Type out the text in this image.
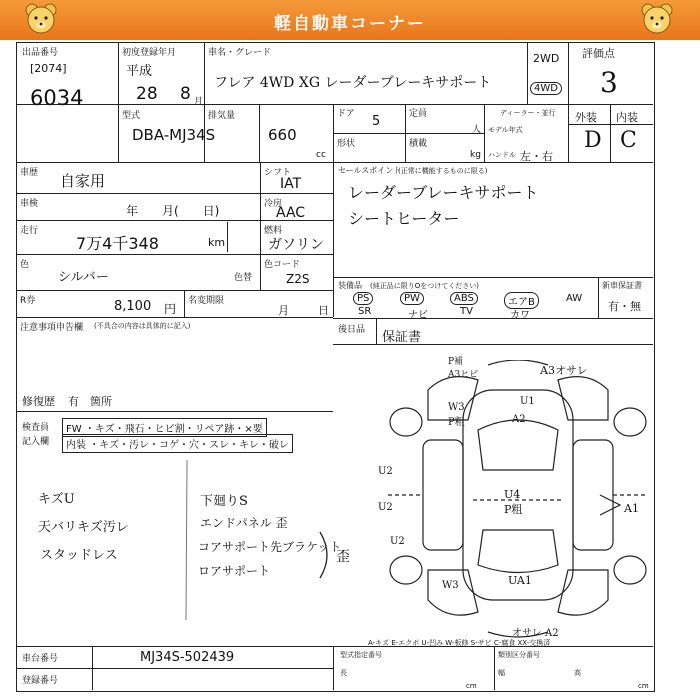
軽自動車コーナー
出品番号
[2074]
6034
初度登録年月
平成
28 8 月
車名・グレード
フレア 4WD XG レーダーブレーキサポート
2WD
4WD
評価点
3
外装 内装
D C
型式
DBA-MJ34S
排気量
660
cc
ドア 5	定員
人
形状	積載
kg
ディーラー・並行
モデル年式
ハンドル 左・右
車歴 自家用	シフト
IAT
車検	年　　月(　　日)	冷房
AAC
走行
7万4千348	km
燃料
ガソリン
色
シルバー	色替
色コード
Z2S
R券	8,100 円
名変期限
月	日
注意事項申告欄 (不具合の内容は具体的に記入)
修復歴 有　箇所
セールスポイント
(正常に機能するものに限る)
レーダーブレーキサポート
シートヒーター
装備品 (純正品に限りOをつけてください)
PS	PW	ABS	エアB	AW
SR	ナビ	TV	カワ
新車保証書
有・無
後日品 保証書
検査員
記入欄
FW ・キズ・飛石・ヒビ割・リペア跡・×要
内装 ・キズ・汚レ・コゲ・穴・スレ・キレ・破レ
キズU
天バリキズ汚レ
スタッドレス
下廻りS
エンドパネル 歪
コアサポート先ブラケット
ロアサポート
歪
P補
A3ヒビ	A3オサレ
U1
A2
W3
P粗
U2
U2
U2
U4
P粗	A1
W3	UA1
オサレ A2
A-キズ E-エクボ U-凹み W-板修 S-サビ C-腐食 XX-交換済
車台番号	MJ34S-502439
登録番号
型式指定番号	類別区分番号
長
cm
幅	高
cm
